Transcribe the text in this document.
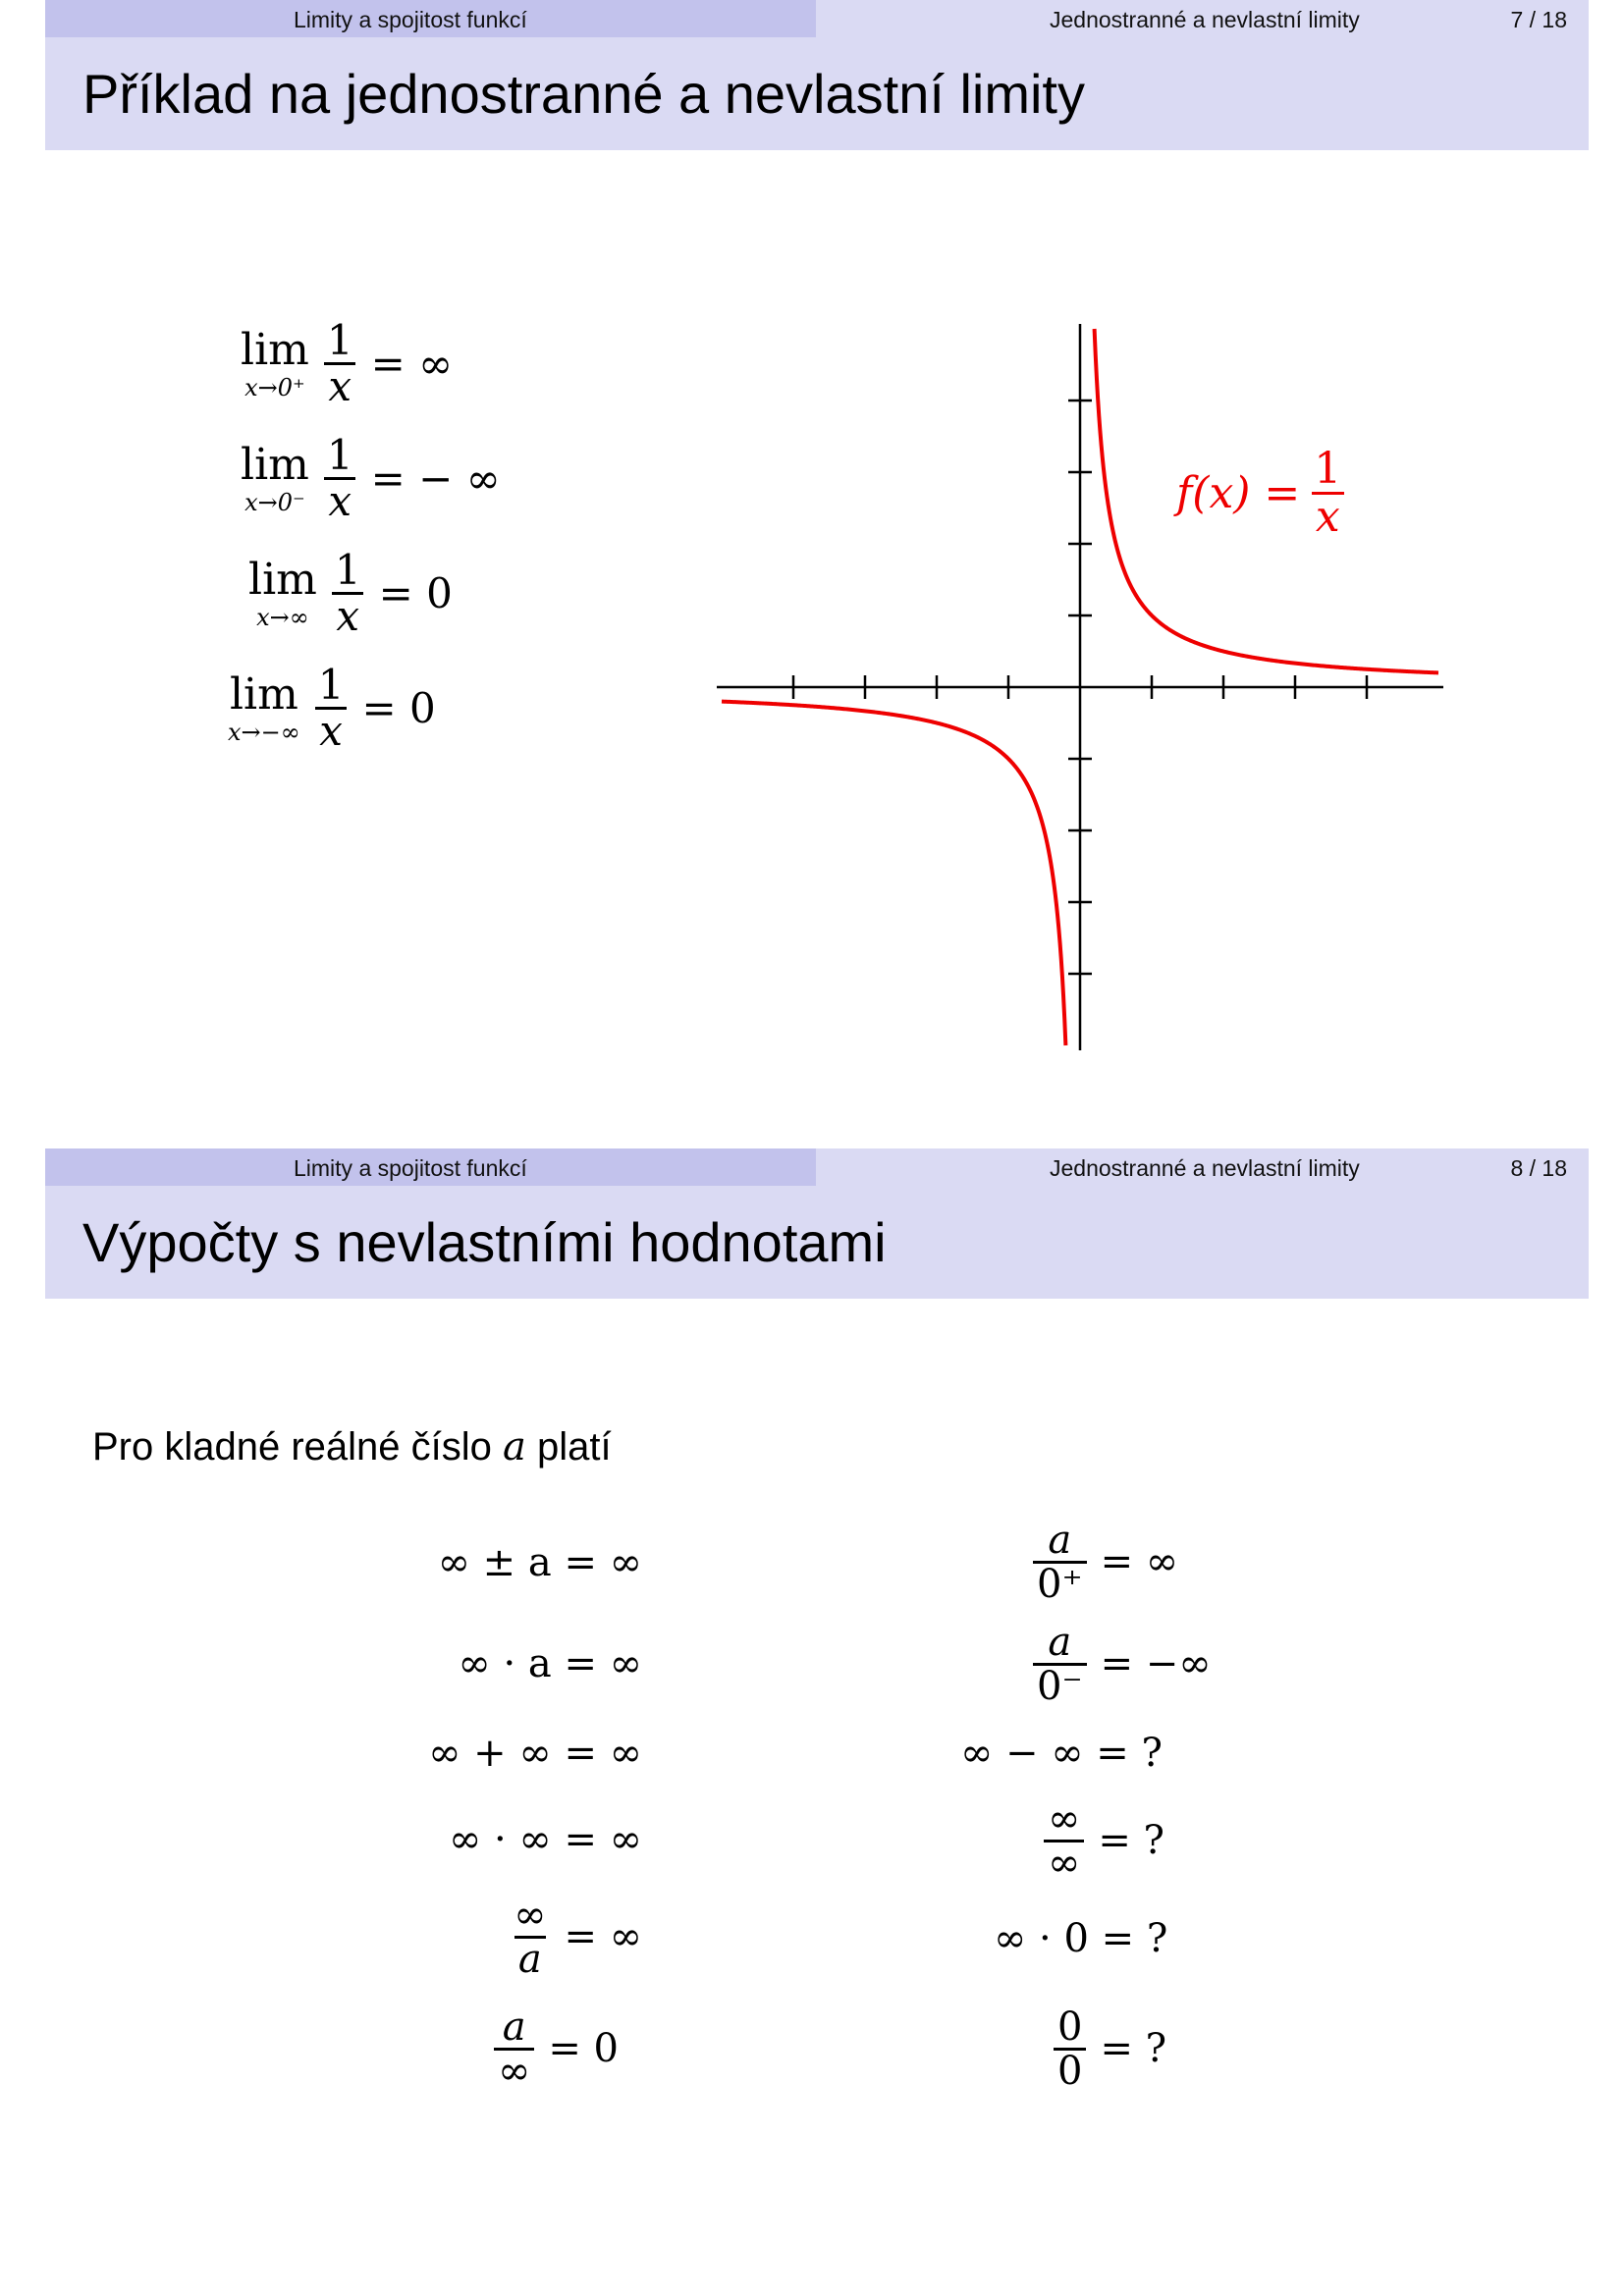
Limity a spojitost funkcí	Jednostranné a nevlastní limity	7 / 18
Příklad na jednostranné a nevlastní limity
lim
$x\to 0^+ \frac{1}{x}$ = ∞
lim
$x\to 0^- \frac{1}{x}$ = − ∞
lim
$x\to\infty \frac{1}{x} = 0$
lim
$x\to-\infty \frac{1}{x} = 0$
$f(x) = \frac{1}{x}$
Limity a spojitost funkcí	Jednostranné a nevlastní limity	8 / 18
Výpočty s nevlastními hodnotami
Pro kladné reálné číslo a platí
∞ ± a = ∞
∞ · a = ∞
∞ + ∞ = ∞
∞ · ∞ = ∞
$\frac{\infty}{a}$ = ∞
$\frac{a}{\infty} = 0$
$\frac{a}{0^+}$ = ∞
$\frac{a}{0^-}$ = −∞
∞ − ∞ = ?
$\frac{\infty}{\infty}$ = ?
∞ · 0 = ?
$\frac{0}{0}$ = ?
